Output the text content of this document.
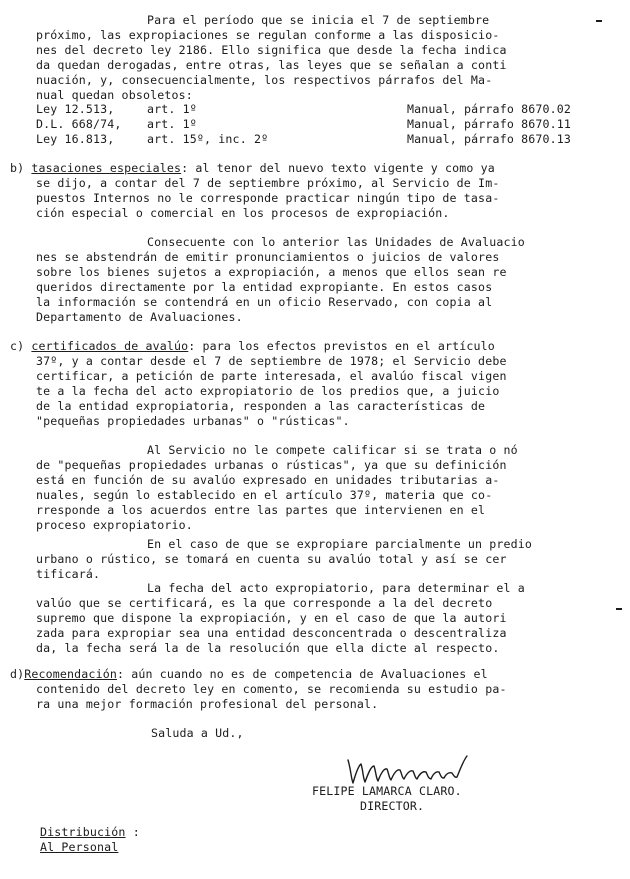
Para el período que se inicia el 7 de septiembre
próximo, las expropiaciones se regulan conforme a las disposicio-
nes del decreto ley 2186. Ello significa que desde la fecha indica
da quedan derogadas, entre otras, las leyes que se señalan a conti
nuación, y, consecuencialmente, los respectivos párrafos del Ma-
nual quedan obsoletos:
Ley 12.513,	art. 1º	Manual, párrafo 8670.02
D.L. 668/74, art. 1º	Manual, párrafo 8670.11
Ley 16.813,	art. 15º, inc. 2º	Manual, párrafo 8670.13
b) tasaciones especiales: al tenor del nuevo texto vigente y como ya
se dijo, a contar del 7 de septiembre próximo, al Servicio de Im-
puestos Internos no le corresponde practicar ningún tipo de tasa-
ción especial o comercial en los procesos de expropiación.
Consecuente con lo anterior las Unidades de Avaluacio
nes se abstendrán de emitir pronunciamientos o juicios de valores
sobre los bienes sujetos a expropiación, a menos que ellos sean re
queridos directamente por la entidad expropiante. En estos casos
la información se contendrá en un oficio Reservado, con copia al
Departamento de Avaluaciones.
c) certificados de avalúo: para los efectos previstos en el artículo
37º, y a contar desde el 7 de septiembre de 1978; el Servicio debe
certificar, a petición de parte interesada, el avalúo fiscal vigen
te a la fecha del acto expropiatorio de los predios que, a juicio
de la entidad expropiatoria, responden a las características de
"pequeñas propiedades urbanas" o "rústicas".
Al Servicio no le compete calificar si se trata o nó
de "pequeñas propiedades urbanas o rústicas", ya que su definición
está en función de su avalúo expresado en unidades tributarias a-
nuales, según lo establecido en el artículo 37º, materia que co-
rresponde a los acuerdos entre las partes que intervienen en el
proceso expropiatorio.
En el caso de que se expropiare parcialmente un predio
urbano o rústico, se tomará en cuenta su avalúo total y así se cer
tificará.
La fecha del acto expropiatorio, para determinar el a
valúo que se certificará, es la que corresponde a la del decreto
supremo que dispone la expropiación, y en el caso de que la autori
zada para expropiar sea una entidad desconcentrada o descentraliza
da, la fecha será la de la resolución que ella dicte al respecto.
d)Recomendación: aún cuando no es de competencia de Avaluaciones el
contenido del decreto ley en comento, se recomienda su estudio pa-
ra una mejor formación profesional del personal.
Saluda a Ud.,
FELIPE LAMARCA CLARO.
DIRECTOR.
Distribución :
Al Personal
